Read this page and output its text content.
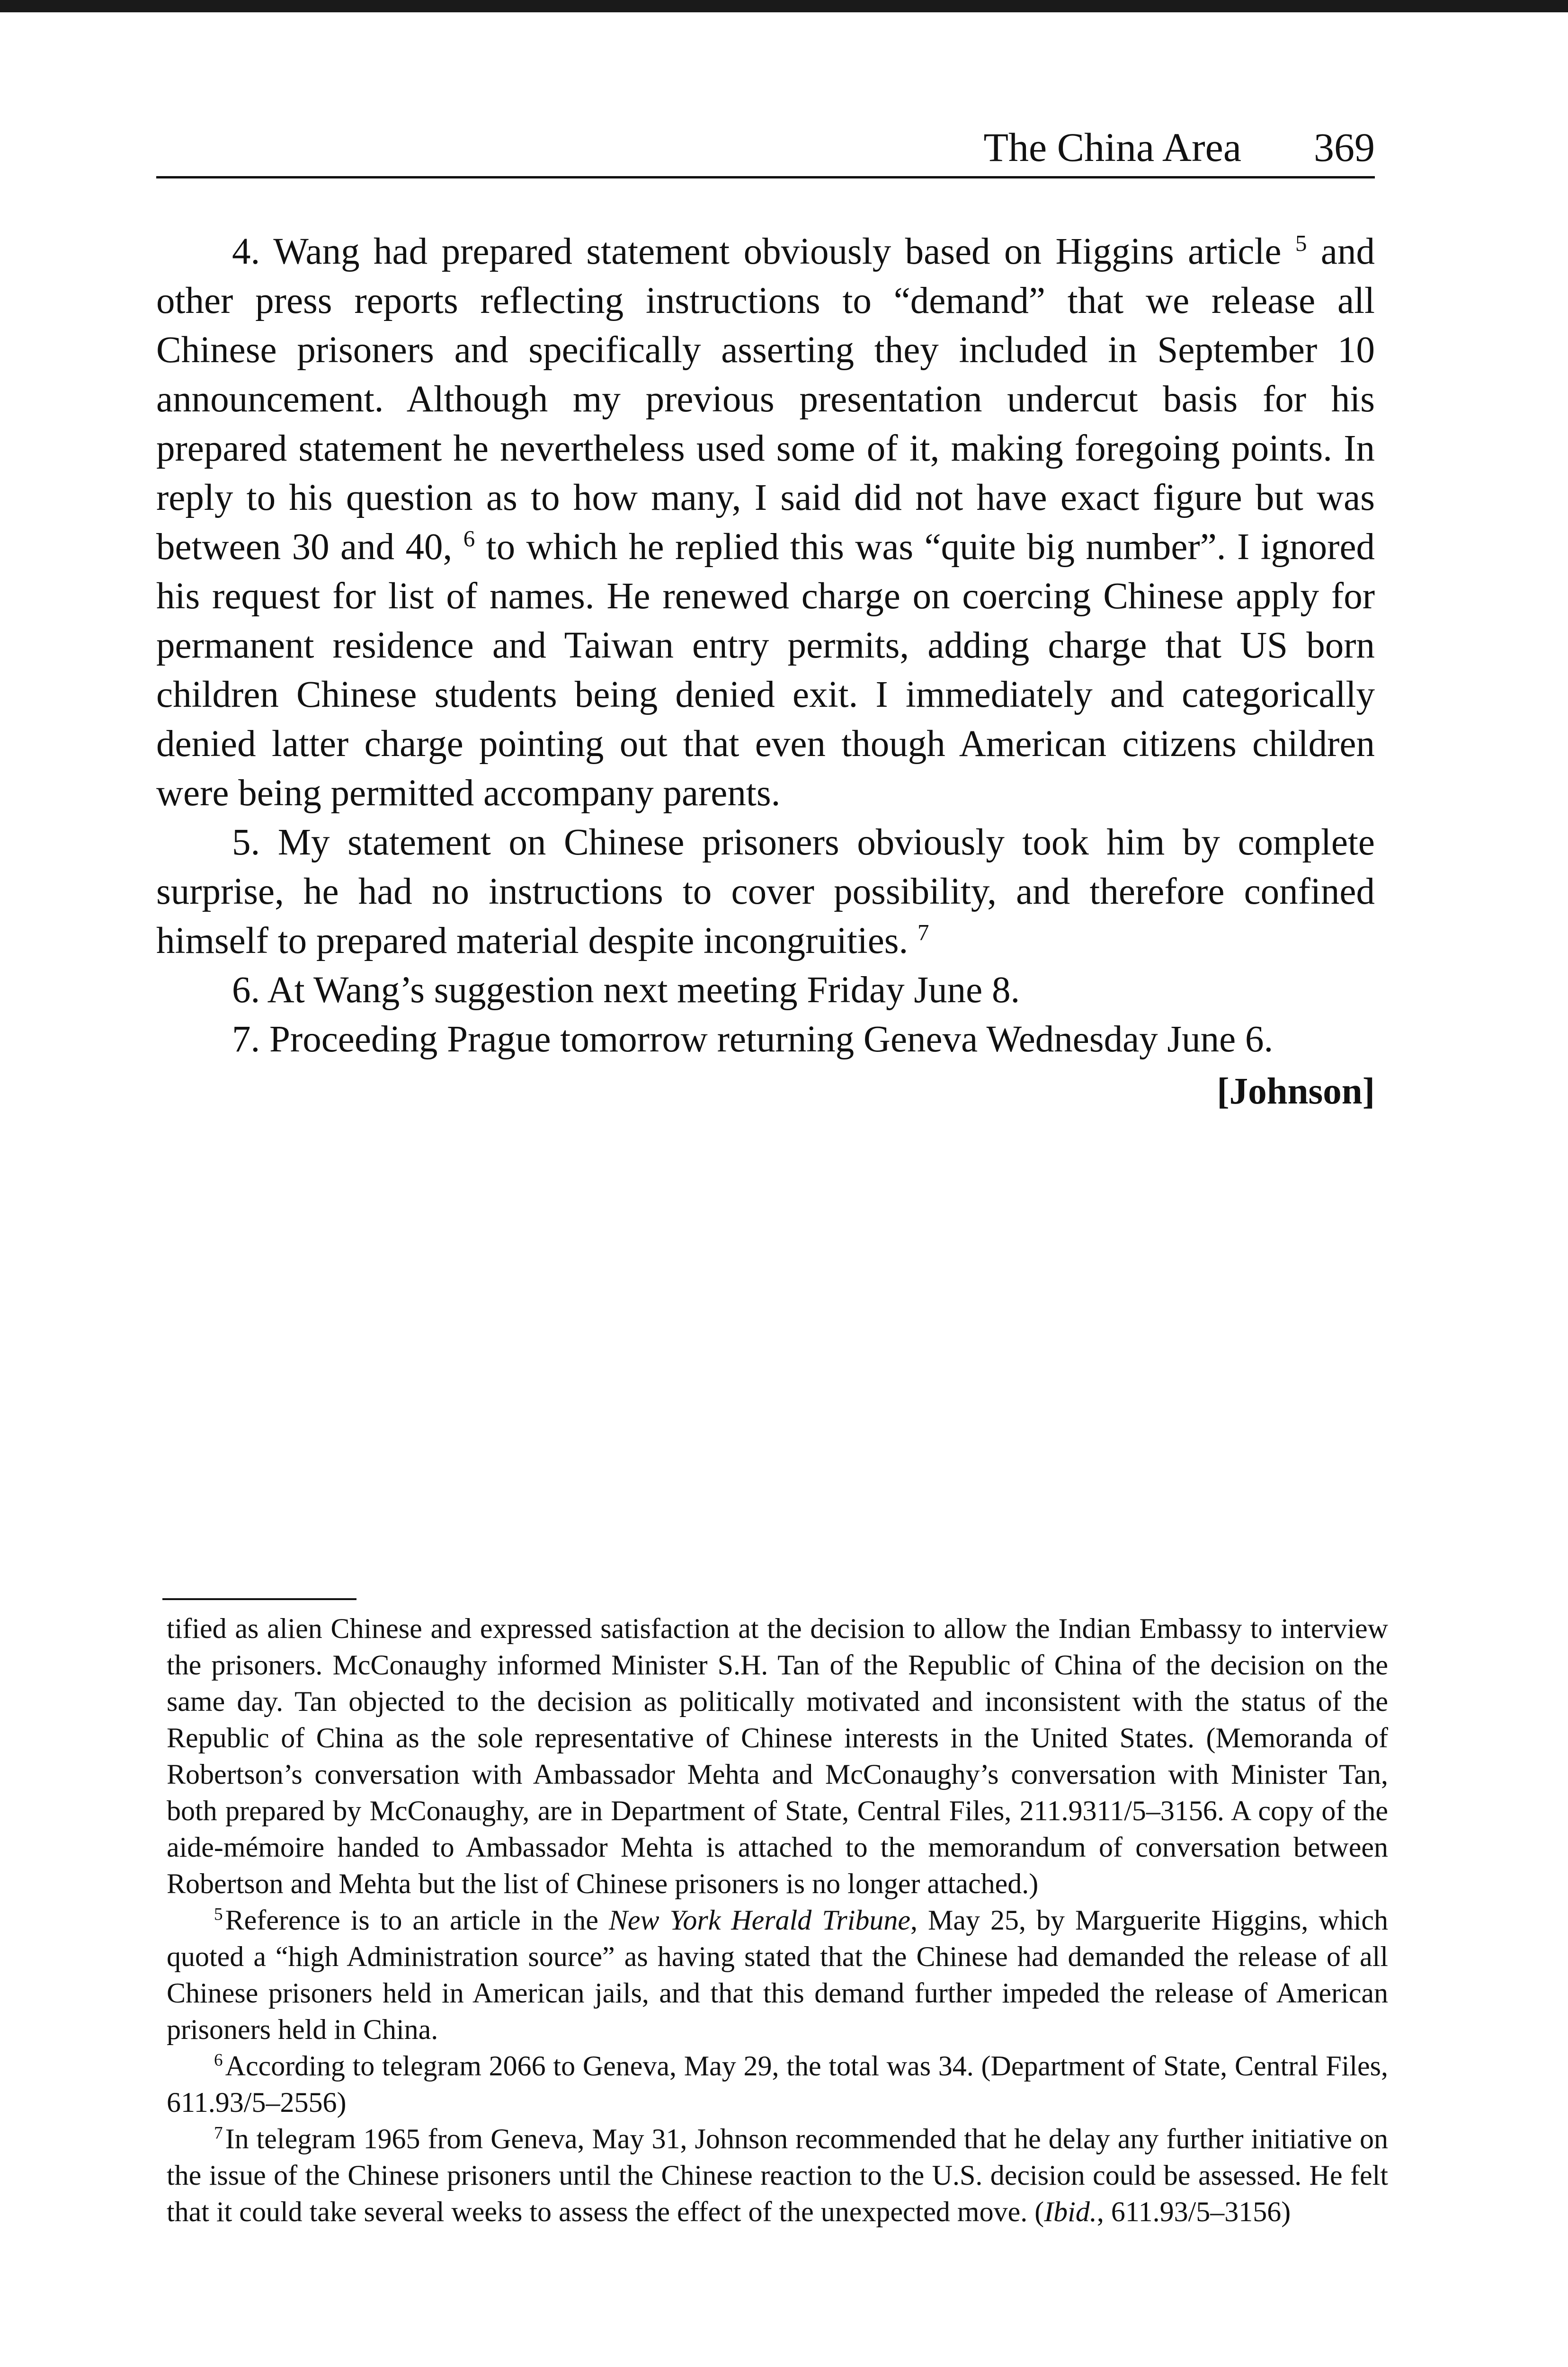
The China Area 369

4. Wang had prepared statement obviously based on Higgins article $^5$ and other press reports reflecting instructions to “demand” that we release all Chinese prisoners and specifically asserting they included in September 10 announcement. Although my previous presentation undercut basis for his prepared statement he nevertheless used some of it, making foregoing points. In reply to his question as to how many, I said did not have exact figure but was between 30 and 40, $^6$ to which he replied this was “quite big number”. I ignored his request for list of names. He renewed charge on coercing Chinese apply for permanent residence and Taiwan entry permits, adding charge that US born children Chinese students being denied exit. I immediately and categorically denied latter charge pointing out that even though American citizens children were being permitted accompany parents.

5. My statement on Chinese prisoners obviously took him by complete surprise, he had no instructions to cover possibility, and therefore confined himself to prepared material despite incongruities. $^7$

6. At Wang’s suggestion next meeting Friday June 8.

7. Proceeding Prague tomorrow returning Geneva Wednesday June 6.

[Johnson]

tified as alien Chinese and expressed satisfaction at the decision to allow the Indian Embassy to interview the prisoners. McConaughy informed Minister S.H. Tan of the Republic of China of the decision on the same day. Tan objected to the decision as politically motivated and inconsistent with the status of the Republic of China as the sole representative of Chinese interests in the United States. (Memoranda of Robertson’s conversation with Ambassador Mehta and McConaughy’s conversation with Minister Tan, both prepared by McConaughy, are in Department of State, Central Files, 211.9311/5–3156. A copy of the aide-mémoire handed to Ambassador Mehta is attached to the memorandum of conversation between Robertson and Mehta but the list of Chinese prisoners is no longer attached.)

$^5$ Reference is to an article in the New York Herald Tribune, May 25, by Marguerite Higgins, which quoted a “high Administration source” as having stated that the Chinese had demanded the release of all Chinese prisoners held in American jails, and that this demand further impeded the release of American prisoners held in China.

$^6$ According to telegram 2066 to Geneva, May 29, the total was 34. (Department of State, Central Files, 611.93/5–2556)

$^7$ In telegram 1965 from Geneva, May 31, Johnson recommended that he delay any further initiative on the issue of the Chinese prisoners until the Chinese reaction to the U.S. decision could be assessed. He felt that it could take several weeks to assess the effect of the unexpected move. (Ibid., 611.93/5–3156)
